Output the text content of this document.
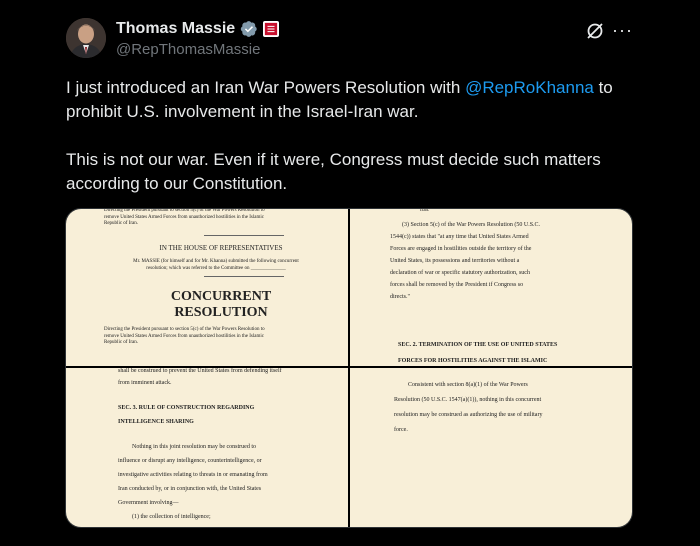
Thomas Massie
@RepThomasMassie
···

I just introduced an Iran War Powers Resolution with @RepRoKhanna to prohibit U.S. involvement in the Israel-Iran war.

This is not our war. Even if it were, Congress must decide such matters according to our Constitution.

Directing the President pursuant to section 5(c) of the War Powers Resolution to
remove United States Armed Forces from unauthorized hostilities in the Islamic
Republic of Iran.
IN THE HOUSE OF REPRESENTATIVES
Mr. MASSIE (for himself and for Mr. Khanna) submitted the following concurrent
resolution; which was referred to the Committee on ______________
CONCURRENT
RESOLUTION
Directing the President pursuant to section 5(c) of the War Powers Resolution to
remove United States Armed Forces from unauthorized hostilities in the Islamic
Republic of Iran.
Iran.
(3) Section 5(c) of the War Powers Resolution (50 U.S.C.
1544(c)) states that "at any time that United States Armed
Forces are engaged in hostilities outside the territory of the
United States, its possessions and territories without a
declaration of war or specific statutory authorization, such
forces shall be removed by the President if Congress so
directs."
SEC. 2. TERMINATION OF THE USE OF UNITED STATES
FORCES FOR HOSTILITIES AGAINST THE ISLAMIC
shall be construed to prevent the United States from defending itself
from imminent attack.
SEC. 3. RULE OF CONSTRUCTION REGARDING
INTELLIGENCE SHARING
Nothing in this joint resolution may be construed to
influence or disrupt any intelligence, counterintelligence, or
investigative activities relating to threats in or emanating from
Iran conducted by, or in conjunction with, the United States
Government involving—
(1) the collection of intelligence;
Consistent with section 8(a)(1) of the War Powers
Resolution (50 U.S.C. 1547(a)(1)), nothing in this concurrent
resolution may be construed as authorizing the use of military
force.
